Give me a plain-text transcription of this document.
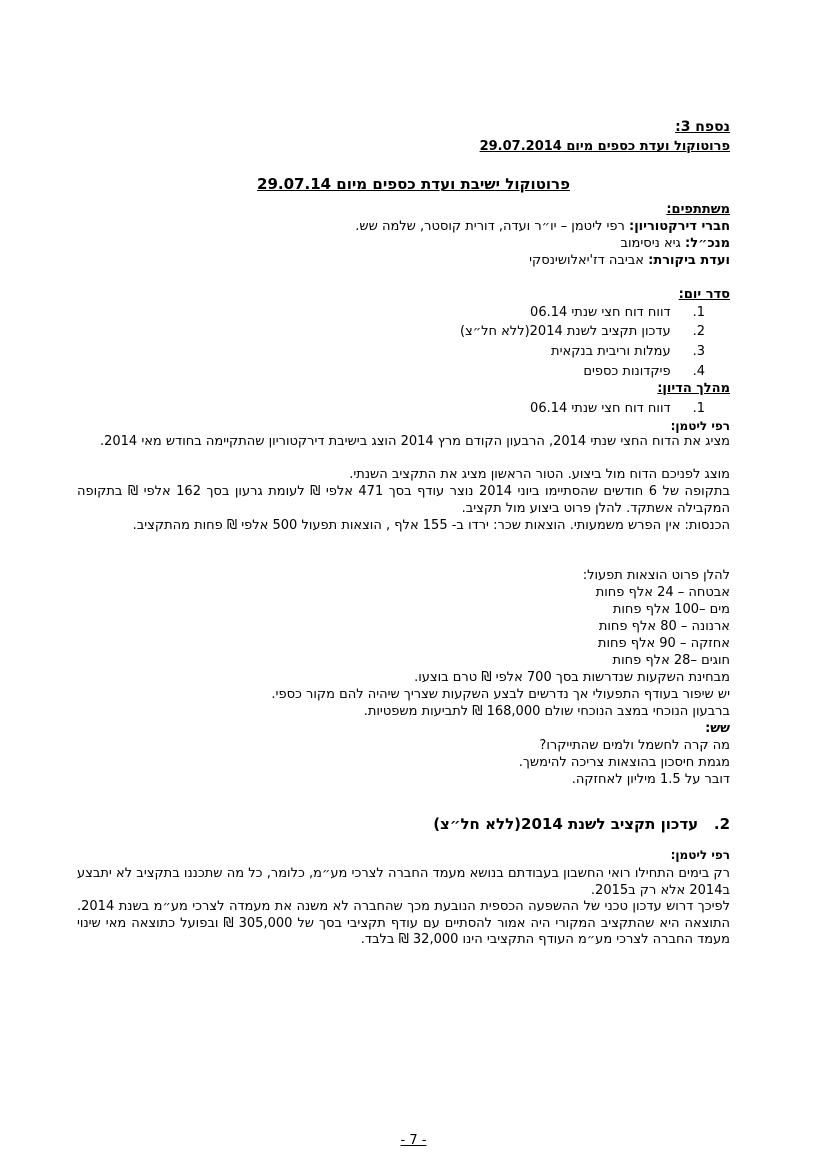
נספח 3:
פרוטוקול ועדת כספים מיום 29.07.2014
פרוטוקול ישיבת ועדת כספים מיום 29.07.14
משתתפים:
חברי דירקטוריון: רפי ליטמן – יו״ר ועדה, דורית קוסטר, שלמה שש.
מנכ״ל: גיא ניסימוב
ועדת ביקורת: אביבה דז'יאלושינסקי
סדר יום:
1.   דווח דוח חצי שנתי 06.14
2.   עדכון תקציב לשנת 2014(ללא חל״צ)
3.   עמלות וריבית בנקאית
4.   פיקדונות כספים
מהלך הדיון:
1.   דווח דוח חצי שנתי 06.14
רפי ליטמן:
מציג את הדוח החצי שנתי 2014, הרבעון הקודם מרץ 2014 הוצג בישיבת דירקטוריון שהתקיימה בחודש מאי 2014.
מוצג לפניכם הדוח מול ביצוע. הטור הראשון מציג את התקציב השנתי.
בתקופה של 6 חודשים שהסתיימו ביוני 2014 נוצר עודף בסך 471 אלפי ₪ לעומת גרעון בסך 162 אלפי ₪ בתקופה המקבילה אשתקד. להלן פרוט ביצוע מול תקציב.
הכנסות: אין הפרש משמעותי. הוצאות שכר: ירדו ב- 155 אלף , הוצאות תפעול 500 אלפי ₪ פחות מהתקציב.
להלן פרוט הוצאות תפעול:
אבטחה – 24 אלף פחות
מים –100 אלף פחות
ארנונה – 80 אלף פחות
אחזקה – 90 אלף פחות
חוגים –28 אלף פחות
מבחינת השקעות שנדרשות בסך 700 אלפי ₪ טרם בוצעו.
יש שיפור בעודף התפעולי אך נדרשים לבצע השקעות שצריך שיהיה להם מקור כספי.
ברבעון הנוכחי במצב הנוכחי שולם 168,000 ₪ לתביעות משפטיות.
שש:
מה קרה לחשמל ולמים שהתייקרו?
מגמת חיסכון בהוצאות צריכה להימשך.
דובר על 1.5 מיליון לאחזקה.
2.   עדכון תקציב לשנת 2014(ללא חל״צ)
רפי ליטמן:
רק בימים התחילו רואי החשבון בעבודתם בנושא מעמד החברה לצרכי מע״מ, כלומר, כל מה שתכננו בתקציב לא יתבצע ב2014 אלא רק ב2015.
לפיכך דרוש עדכון טכני של ההשפעה הכספית הנובעת מכך שהחברה לא משנה את מעמדה לצרכי מע״מ בשנת 2014. התוצאה היא שהתקציב המקורי היה אמור להסתיים עם עודף תקציבי בסך של 305,000 ₪ ובפועל כתוצאה מאי שינוי מעמד החברה לצרכי מע״מ העודף התקציבי הינו 32,000 ₪ בלבד.
- 7 -
